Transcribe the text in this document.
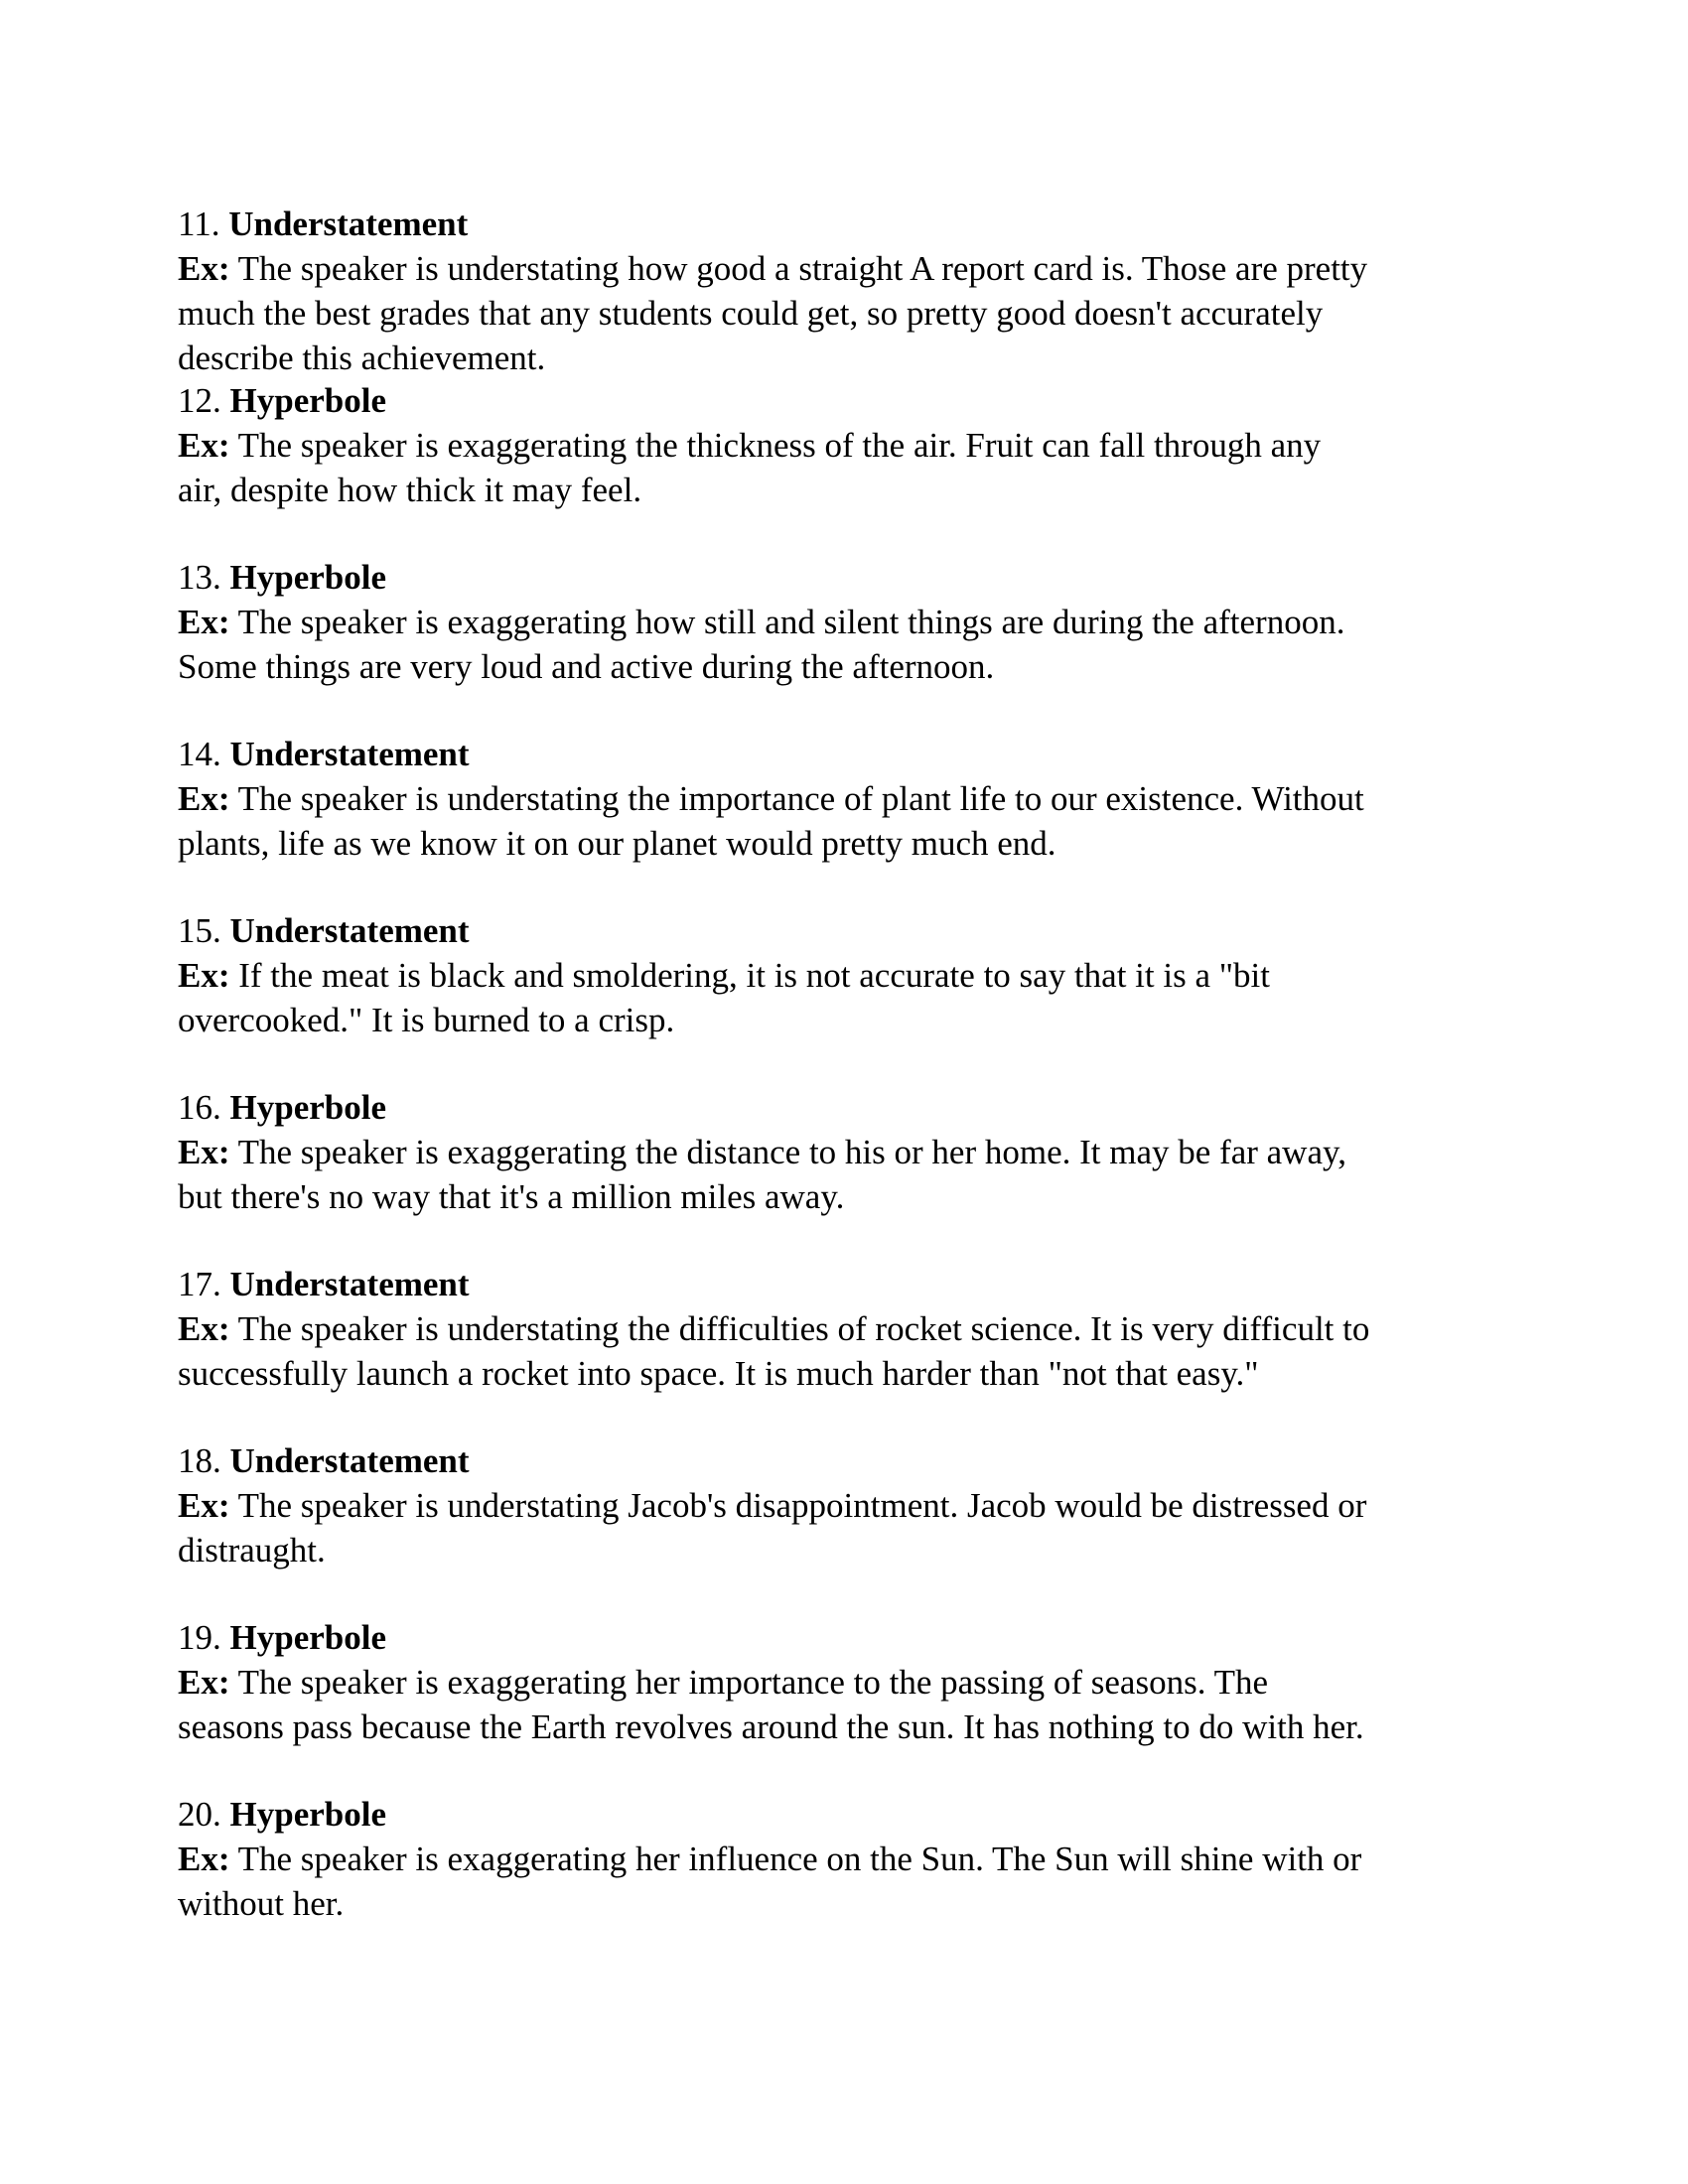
11. Understatement
Ex: The speaker is understating how good a straight A report card is. Those are pretty
much the best grades that any students could get, so pretty good doesn't accurately
describe this achievement.
12. Hyperbole
Ex: The speaker is exaggerating the thickness of the air. Fruit can fall through any
air, despite how thick it may feel.
13. Hyperbole
Ex: The speaker is exaggerating how still and silent things are during the afternoon.
Some things are very loud and active during the afternoon.
14. Understatement
Ex: The speaker is understating the importance of plant life to our existence. Without
plants, life as we know it on our planet would pretty much end.
15. Understatement
Ex: If the meat is black and smoldering, it is not accurate to say that it is a "bit
overcooked." It is burned to a crisp.
16. Hyperbole
Ex: The speaker is exaggerating the distance to his or her home. It may be far away,
but there's no way that it's a million miles away.
17. Understatement
Ex: The speaker is understating the difficulties of rocket science. It is very difficult to
successfully launch a rocket into space. It is much harder than "not that easy."
18. Understatement
Ex: The speaker is understating Jacob's disappointment. Jacob would be distressed or
distraught.
19. Hyperbole
Ex: The speaker is exaggerating her importance to the passing of seasons. The
seasons pass because the Earth revolves around the sun. It has nothing to do with her.
20. Hyperbole
Ex: The speaker is exaggerating her influence on the Sun. The Sun will shine with or
without her.
